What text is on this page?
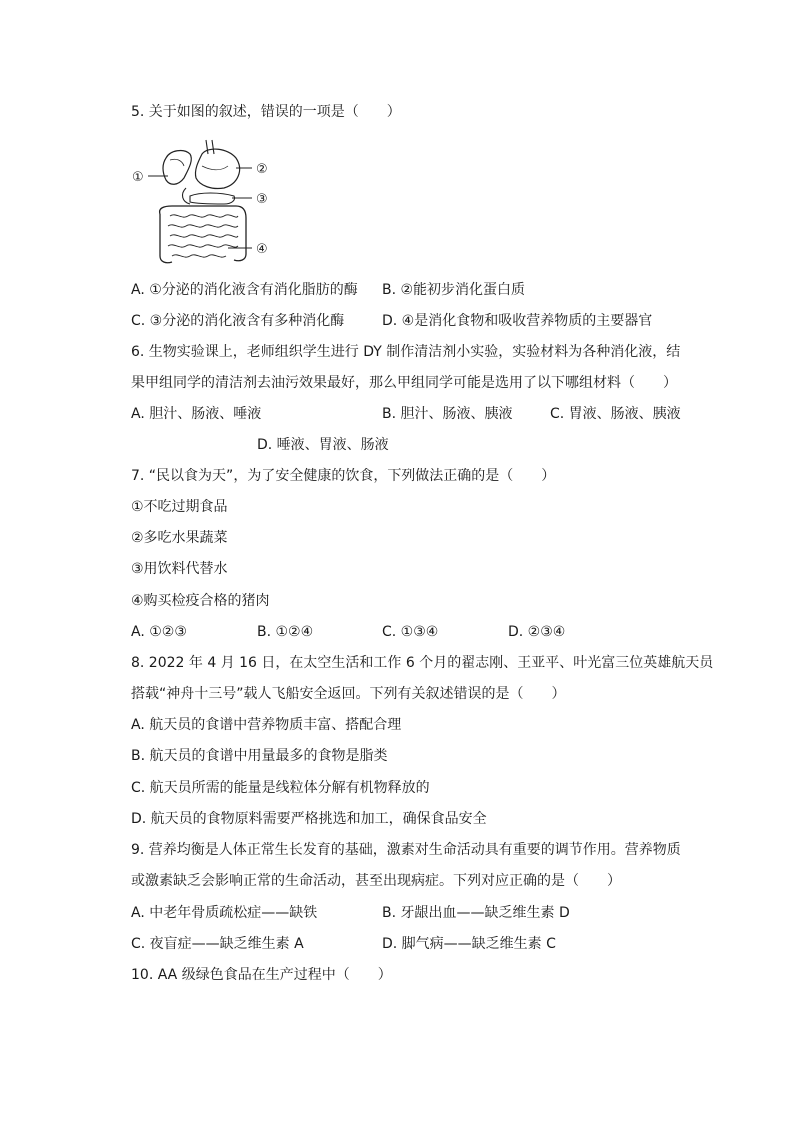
5. 关于如图的叙述，错误的一项是（　　）
①
②
③
④
A. ①分泌的消化液含有消化脂肪的酶 B. ②能初步消化蛋白质
C. ③分泌的消化液含有多种消化酶	D. ④是消化食物和吸收营养物质的主要器官
6. 生物实验课上，老师组织学生进行 DY 制作清洁剂小实验，实验材料为各种消化液，结
果甲组同学的清洁剂去油污效果最好，那么甲组同学可能是选用了以下哪组材料（　　）
A. 胆汁、肠液、唾液	B. 胆汁、肠液、胰液	C. 胃液、肠液、胰液
D. 唾液、胃液、肠液
7. “民以食为天”，为了安全健康的饮食，下列做法正确的是（　　）
①不吃过期食品
②多吃水果蔬菜
③用饮料代替水
④购买检疫合格的猪肉
A. ①②③	B. ①②④	C. ①③④	D. ②③④
8. 2022 年 4 月 16 日，在太空生活和工作 6 个月的翟志刚、王亚平、叶光富三位英雄航天员
搭载“神舟十三号”载人飞船安全返回。下列有关叙述错误的是（　　）
A. 航天员的食谱中营养物质丰富、搭配合理
B. 航天员的食谱中用量最多的食物是脂类
C. 航天员所需的能量是线粒体分解有机物释放的
D. 航天员的食物原料需要严格挑选和加工，确保食品安全
9. 营养均衡是人体正常生长发育的基础，激素对生命活动具有重要的调节作用。营养物质
或激素缺乏会影响正常的生命活动，甚至出现病症。下列对应正确的是（　　）
A. 中老年骨质疏松症——缺铁	B. 牙龈出血——缺乏维生素 D
C. 夜盲症——缺乏维生素 A	D. 脚气病——缺乏维生素 C
10. AA 级绿色食品在生产过程中（　　）
